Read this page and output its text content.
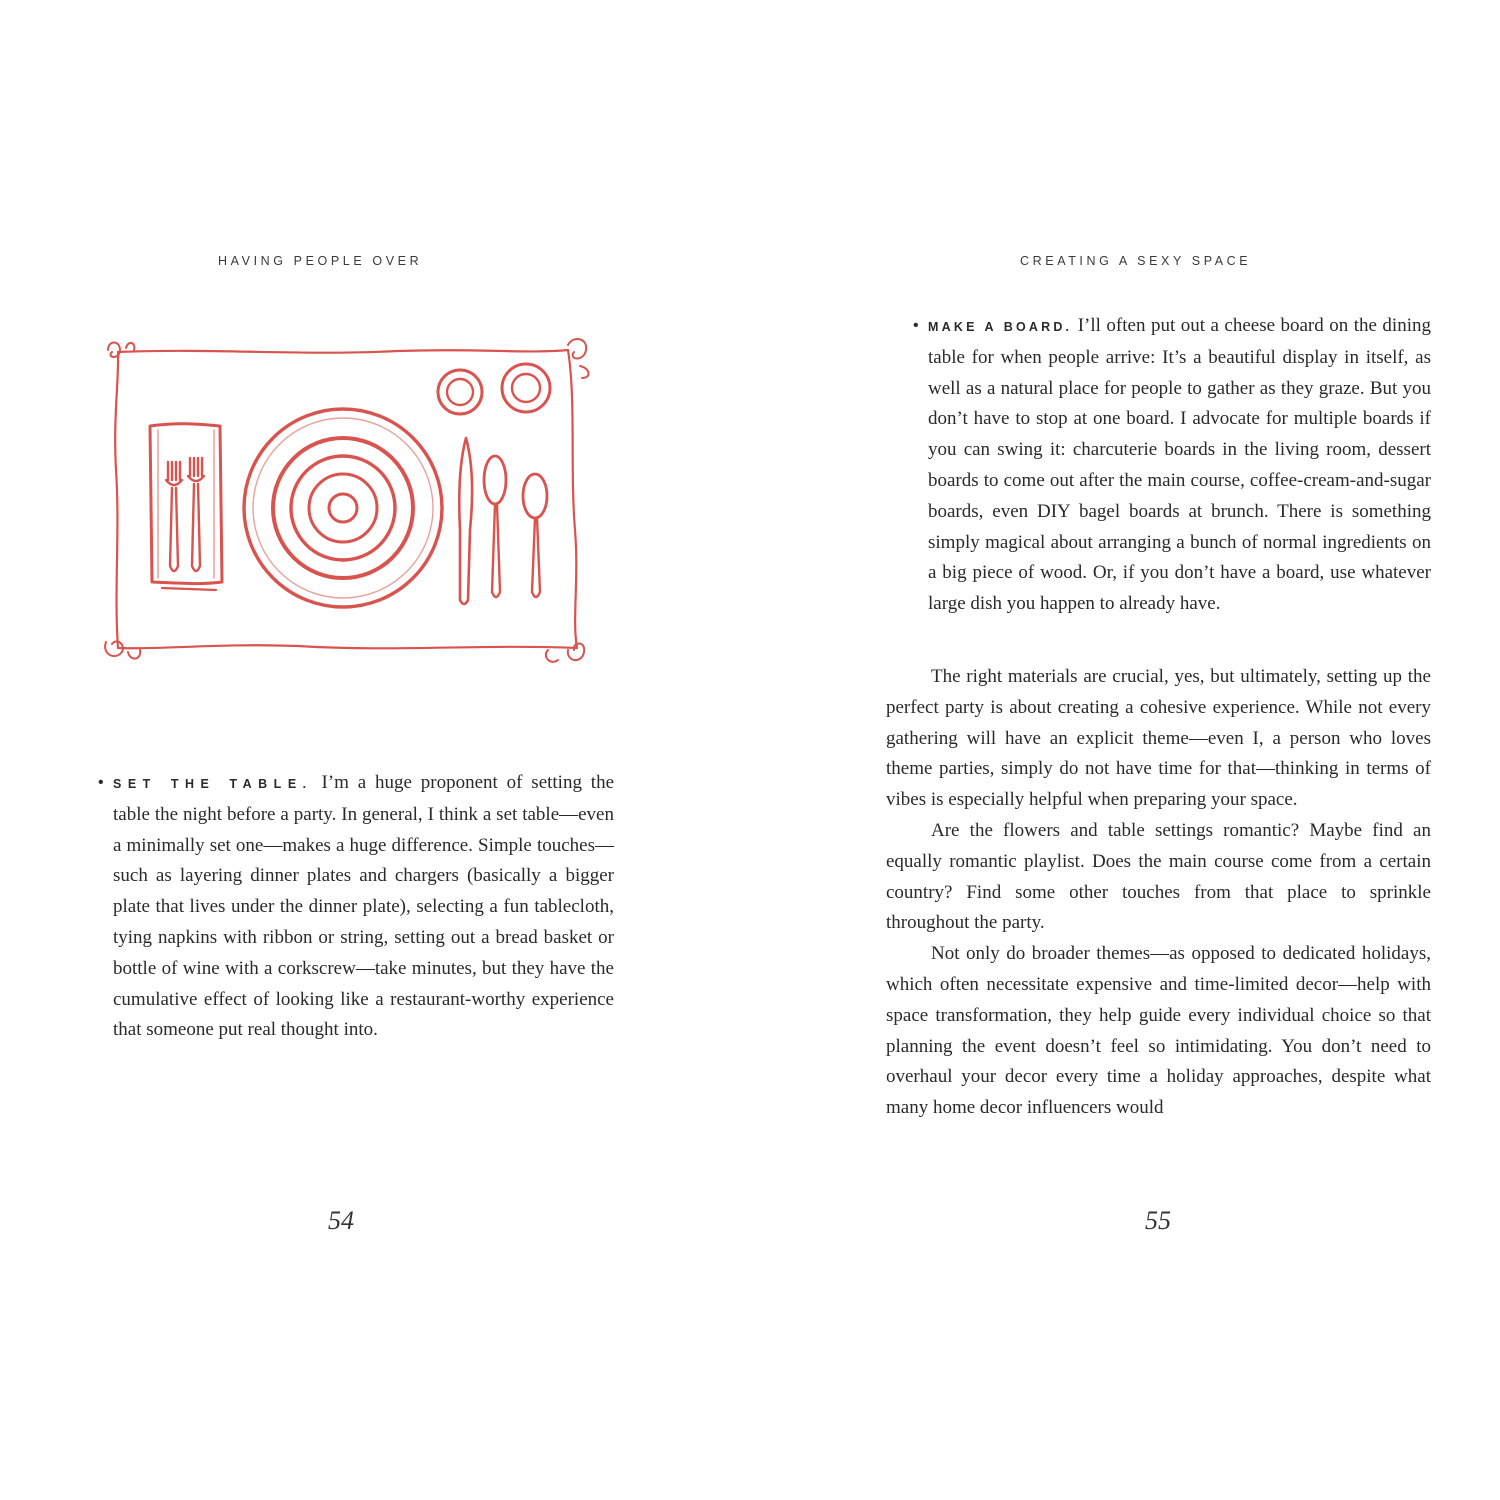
HAVING PEOPLE OVER
• SET THE TABLE. I’m a huge proponent of setting the table the night before a party. In general, I think a set table—even a minimally set one—makes a huge difference. Simple touches—such as layering dinner plates and chargers (basically a bigger plate that lives under the dinner plate), selecting a fun tablecloth, tying napkins with ribbon or string, setting out a bread basket or bottle of wine with a corkscrew—take minutes, but they have the cumulative effect of looking like a restaurant-worthy experience that someone put real thought into.
54
CREATING A SEXY SPACE
• MAKE A BOARD. I’ll often put out a cheese board on the dining table for when people arrive: It’s a beautiful display in itself, as well as a natural place for people to gather as they graze. But you don’t have to stop at one board. I advocate for multiple boards if you can swing it: charcuterie boards in the living room, dessert boards to come out after the main course, coffee-cream-and-sugar boards, even DIY bagel boards at brunch. There is something simply magical about arranging a bunch of normal ingredients on a big piece of wood. Or, if you don’t have a board, use whatever large dish you happen to already have.

The right materials are crucial, yes, but ultimately, setting up the perfect party is about creating a cohesive experience. While not every gathering will have an explicit theme—even I, a person who loves theme parties, simply do not have time for that—thinking in terms of vibes is especially helpful when preparing your space.

Are the flowers and table settings romantic? Maybe find an equally romantic playlist. Does the main course come from a certain country? Find some other touches from that place to sprinkle throughout the party.

Not only do broader themes—as opposed to dedicated holidays, which often necessitate expensive and time-limited decor—help with space transformation, they help guide every individual choice so that planning the event doesn’t feel so intimidating. You don’t need to overhaul your decor every time a holiday approaches, despite what many home decor influencers would

55
